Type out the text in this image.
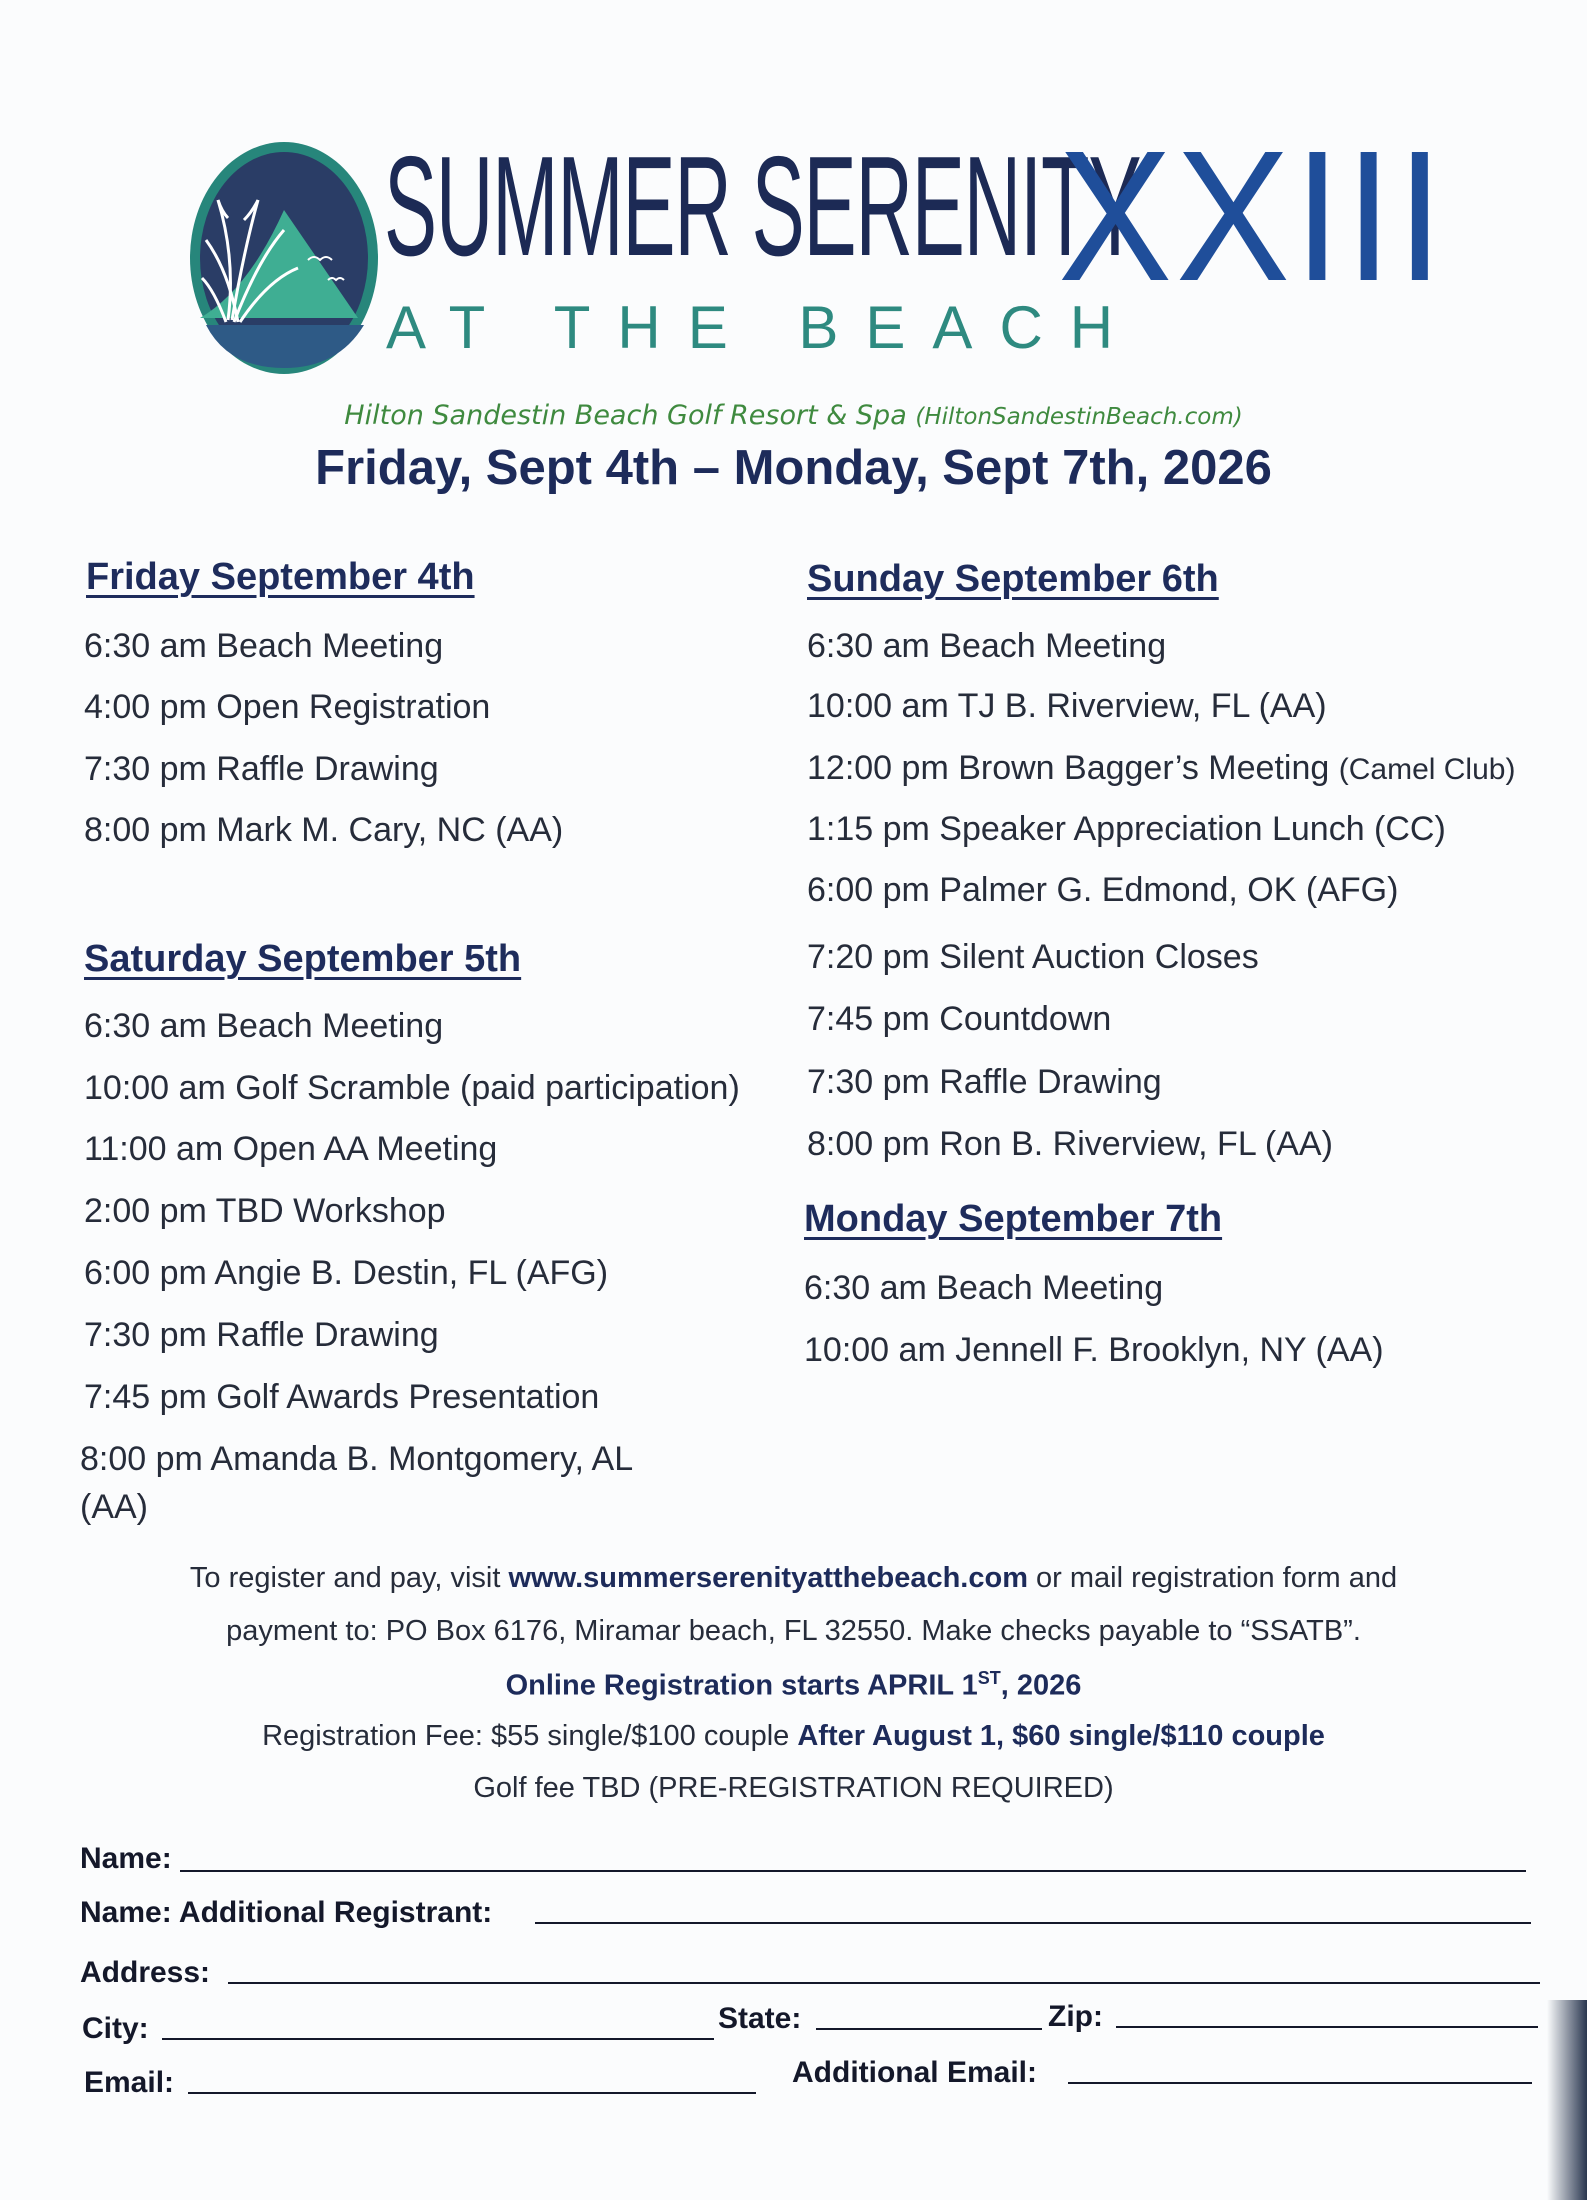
SUMMER SERENITY
AT THE BEACH
XXIII
Hilton Sandestin Beach Golf Resort & Spa (HiltonSandestinBeach.com)
Friday, Sept 4th – Monday, Sept 7th, 2026
Friday September 4th
6:30 am Beach Meeting
4:00 pm Open Registration
7:30 pm Raffle Drawing
8:00 pm Mark M. Cary, NC (AA)
Saturday September 5th
6:30 am Beach Meeting
10:00 am Golf Scramble (paid participation)
11:00 am Open AA Meeting
2:00 pm TBD Workshop
6:00 pm Angie B. Destin, FL (AFG)
7:30 pm Raffle Drawing
7:45 pm Golf Awards Presentation
8:00 pm Amanda B. Montgomery, AL
(AA)
Sunday September 6th
6:30 am Beach Meeting
10:00 am TJ B. Riverview, FL (AA)
12:00 pm Brown Bagger’s Meeting (Camel Club)
1:15 pm Speaker Appreciation Lunch (CC)
6:00 pm Palmer G. Edmond, OK (AFG)
7:20 pm Silent Auction Closes
7:45 pm Countdown
7:30 pm Raffle Drawing
8:00 pm Ron B. Riverview, FL (AA)
Monday September 7th
6:30 am Beach Meeting
10:00 am Jennell F. Brooklyn, NY (AA)
To register and pay, visit www.summerserenityatthebeach.com or mail registration form and
payment to: PO Box 6176, Miramar beach, FL 32550. Make checks payable to “SSATB”.
Online Registration starts APRIL 1ST, 2026
Registration Fee: $55 single/$100 couple After August 1, $60 single/$110 couple
Golf fee TBD (PRE-REGISTRATION REQUIRED)
Name:
Name: Additional Registrant:
Address:
City:	State:	Zip:
Email:	Additional Email:
